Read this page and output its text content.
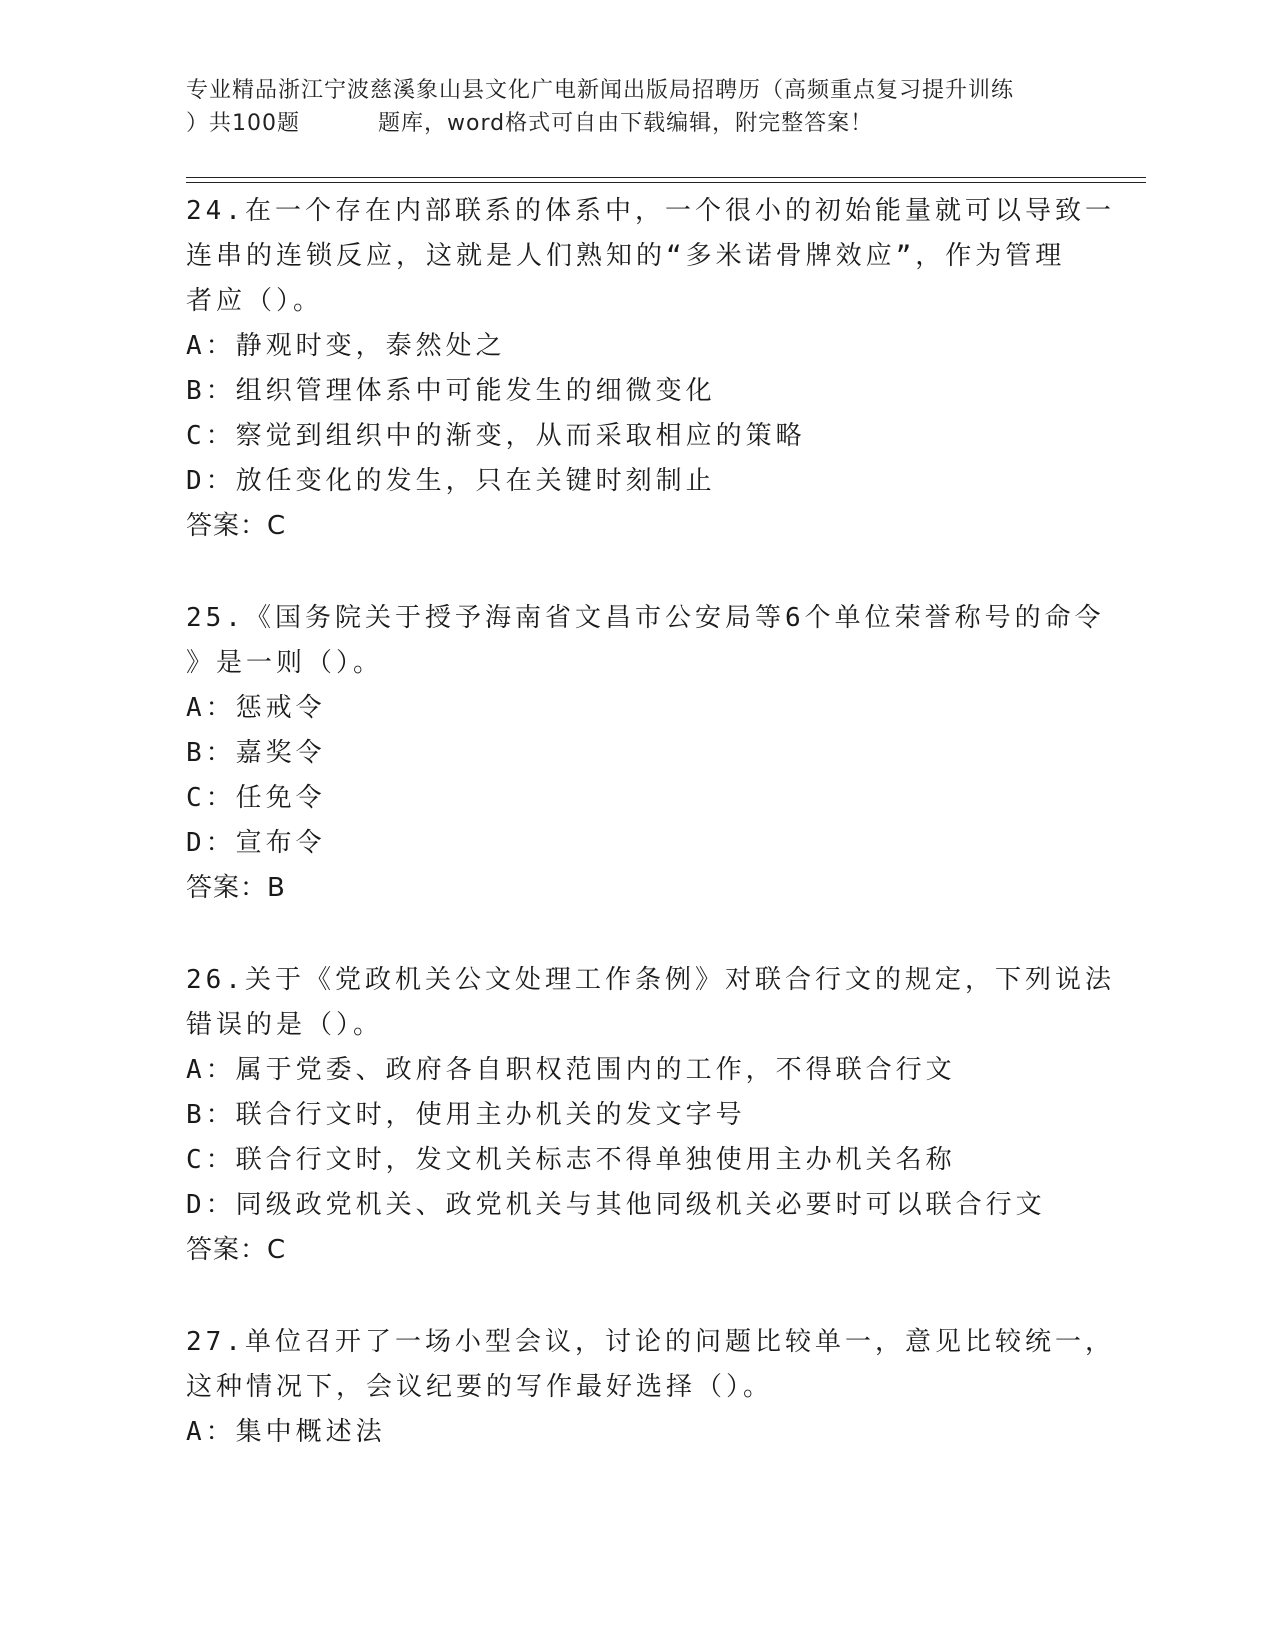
专业精品浙江宁波慈溪象山县文化广电新闻出版局招聘历（高频重点复习提升训练
）共100题	题库，word格式可自由下载编辑，附完整答案！
24.在一个存在内部联系的体系中，一个很小的初始能量就可以导致一
连串的连锁反应，这就是人们熟知的“多米诺骨牌效应”，作为管理
者应（）。
A：静观时变，泰然处之
B：组织管理体系中可能发生的细微变化
C：察觉到组织中的渐变，从而采取相应的策略
D：放任变化的发生，只在关键时刻制止
答案：C
25.《国务院关于授予海南省文昌市公安局等6个单位荣誉称号的命令
》是一则（）。
A：惩戒令
B：嘉奖令
C：任免令
D：宣布令
答案：B
26.关于《党政机关公文处理工作条例》对联合行文的规定，下列说法
错误的是（）。
A：属于党委、政府各自职权范围内的工作，不得联合行文
B：联合行文时，使用主办机关的发文字号
C：联合行文时，发文机关标志不得单独使用主办机关名称
D：同级政党机关、政党机关与其他同级机关必要时可以联合行文
答案：C
27.单位召开了一场小型会议，讨论的问题比较单一，意见比较统一，
这种情况下，会议纪要的写作最好选择（）。
A：集中概述法
